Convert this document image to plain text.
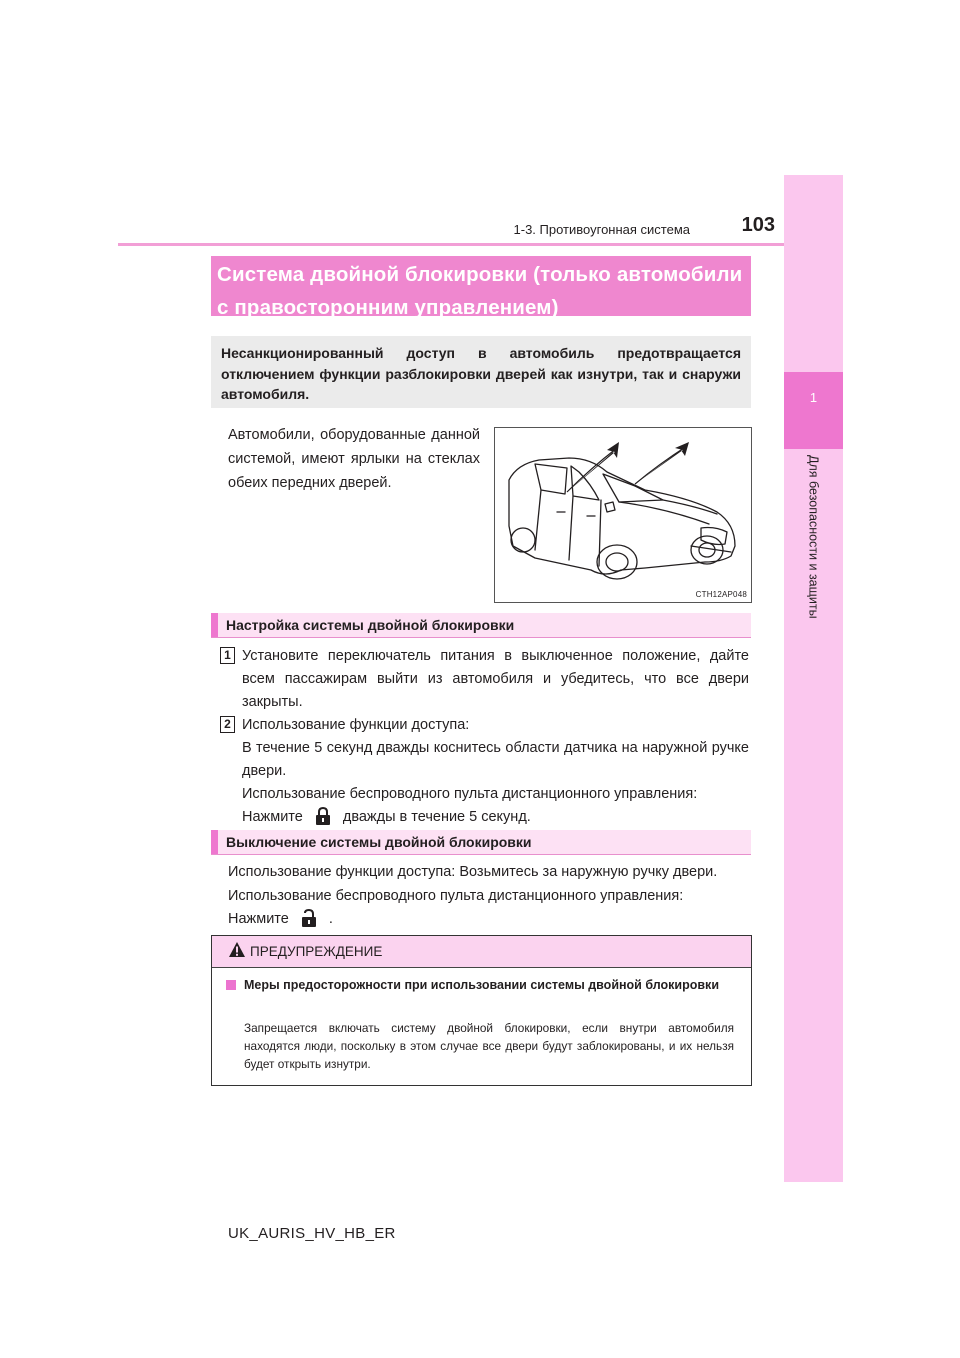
1-3. Противоугонная система	103
1
Для безопасности и защиты
Система двойной блокировки (только автомобили
с правосторонним управлением)
Несанкционированный доступ в автомобиль предотвращается отключением функции разблокировки дверей как изнутри, так и снаружи автомобиля.
Автомобили, оборудованные данной системой, имеют ярлыки на стеклах обеих передних дверей.
CTH12AP048
Настройка системы двойной блокировки
1 Установите переключатель питания в выключенное положение, дайте всем пассажирам выйти из автомобиля и убедитесь, что все двери закрыты.
2 Использование функции доступа:
В течение 5 секунд дважды коснитесь области датчика на наружной ручке двери.
Использование беспроводного пульта дистанционного управления:
Нажмите	дважды в течение 5 секунд.
Выключение системы двойной блокировки
Использование функции доступа: Возьмитесь за наружную ручку двери.
Использование беспроводного пульта дистанционного управления:
Нажмите	.
ПРЕДУПРЕЖДЕНИЕ
Меры предосторожности при использовании системы двойной блокировки
Запрещается включать систему двойной блокировки, если внутри автомобиля находятся люди, поскольку в этом случае все двери будут заблокированы, и их нельзя будет открыть изнутри.
UK_AURIS_HV_HB_ER
